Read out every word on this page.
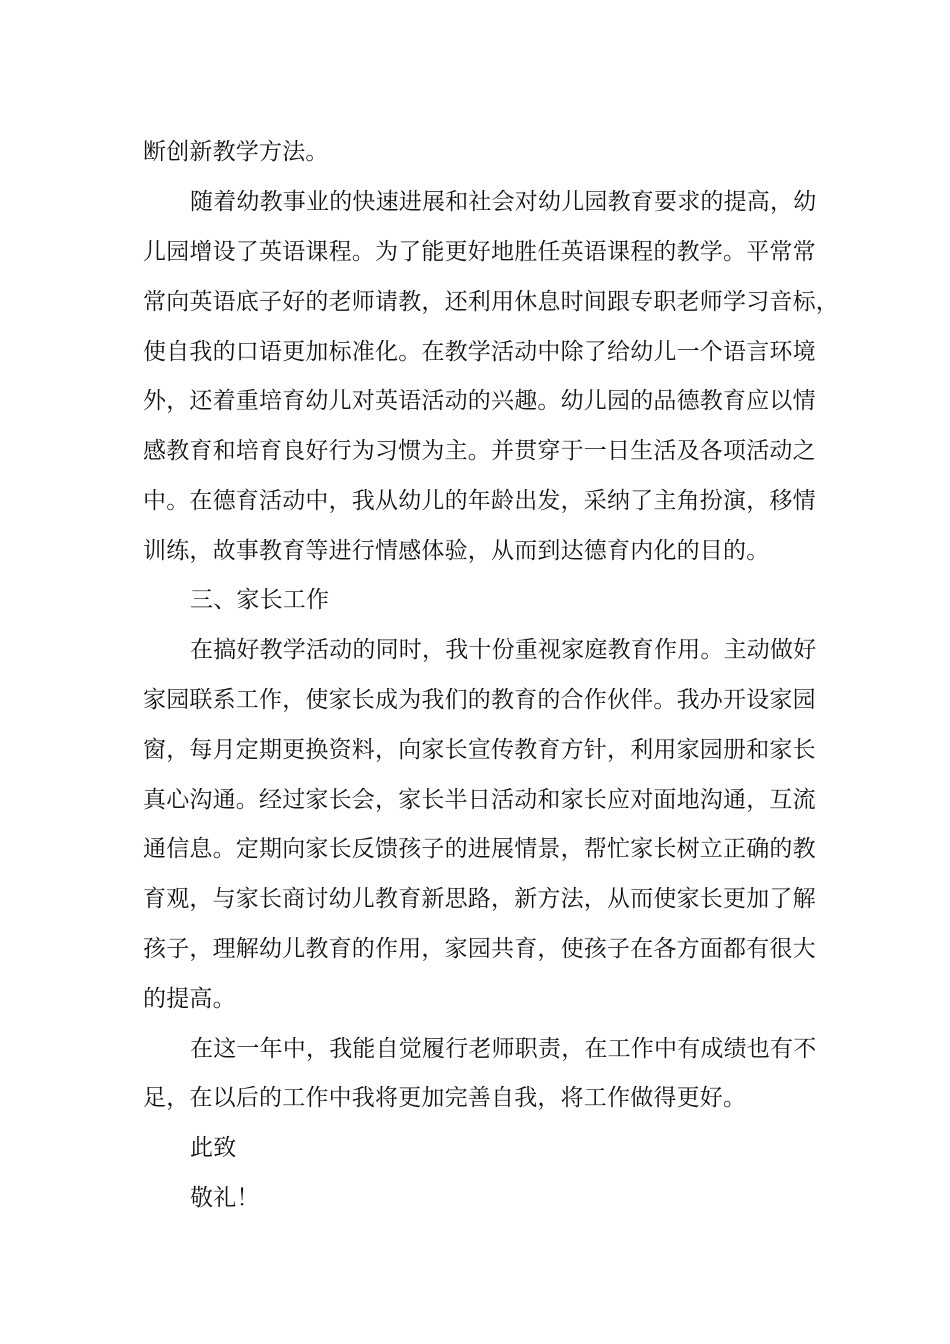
断创新教学方法。
随着幼教事业的快速进展和社会对幼儿园教育要求的提高，幼
儿园增设了英语课程。为了能更好地胜任英语课程的教学。平常常
常向英语底子好的老师请教，还利用休息时间跟专职老师学习音标，
使自我的口语更加标准化。在教学活动中除了给幼儿一个语言环境
外，还着重培育幼儿对英语活动的兴趣。幼儿园的品德教育应以情
感教育和培育良好行为习惯为主。并贯穿于一日生活及各项活动之
中。在德育活动中，我从幼儿的年龄出发，采纳了主角扮演，移情
训练，故事教育等进行情感体验，从而到达德育内化的目的。
三、家长工作
在搞好教学活动的同时，我十份重视家庭教育作用。主动做好
家园联系工作，使家长成为我们的教育的合作伙伴。我办开设家园
窗，每月定期更换资料，向家长宣传教育方针，利用家园册和家长
真心沟通。经过家长会，家长半日活动和家长应对面地沟通，互流
通信息。定期向家长反馈孩子的进展情景，帮忙家长树立正确的教
育观，与家长商讨幼儿教育新思路，新方法，从而使家长更加了解
孩子，理解幼儿教育的作用，家园共育，使孩子在各方面都有很大
的提高。
在这一年中，我能自觉履行老师职责，在工作中有成绩也有不
足，在以后的工作中我将更加完善自我，将工作做得更好。
此致
敬礼！
